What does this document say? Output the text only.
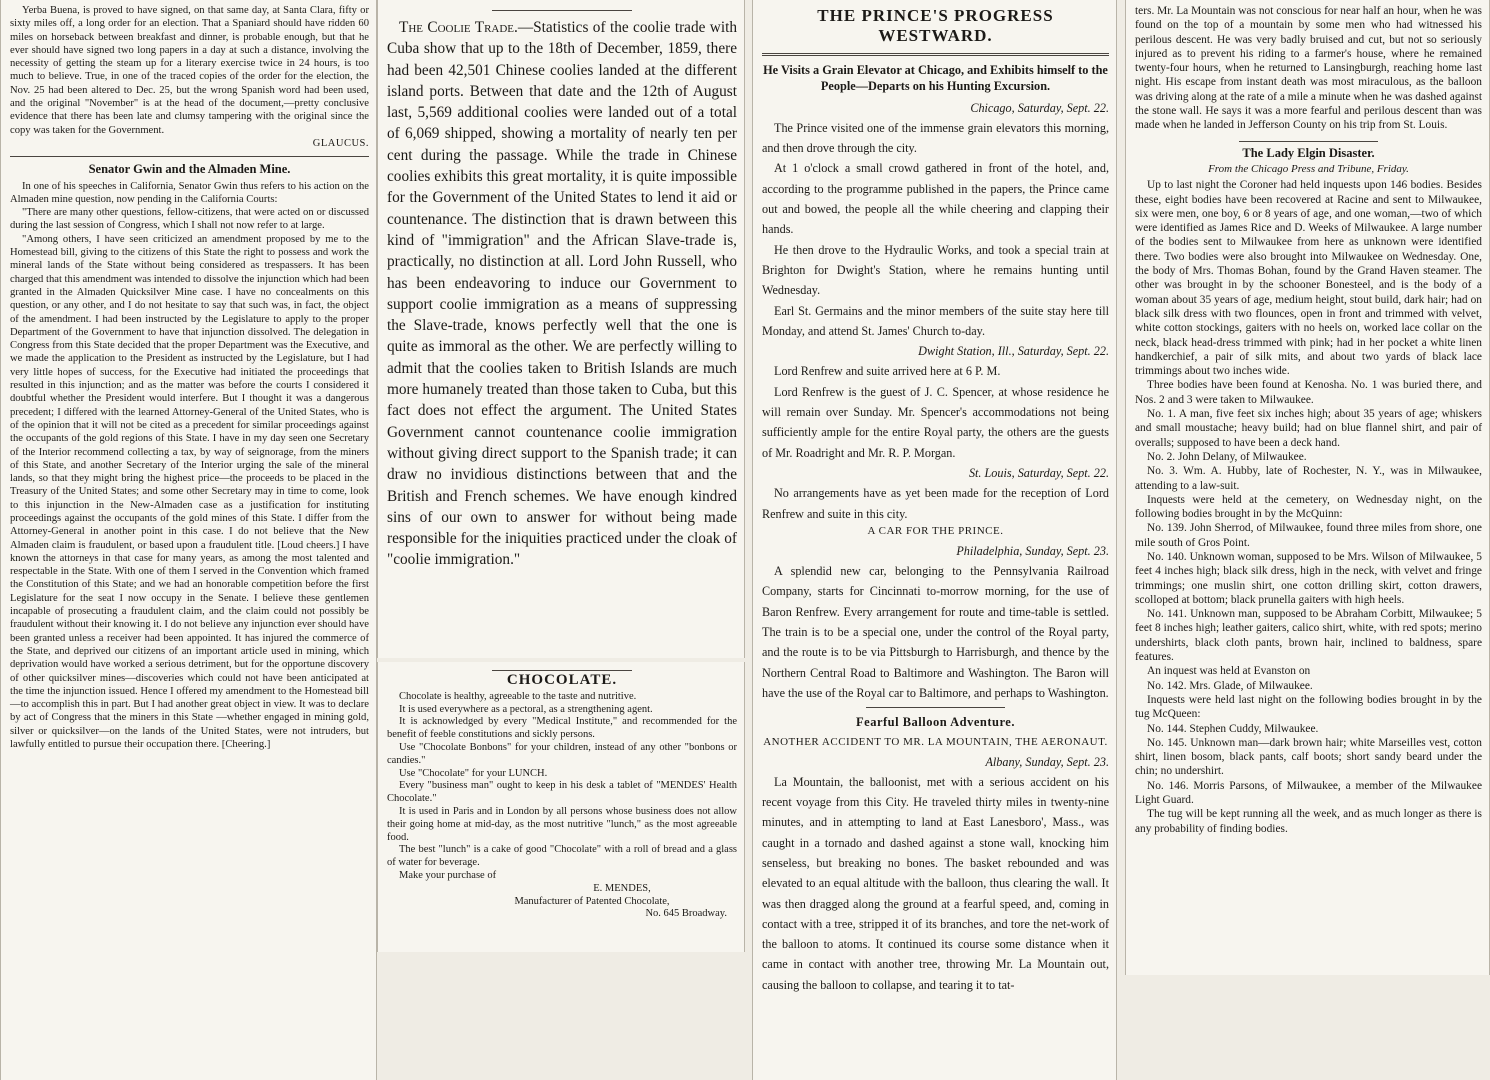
Yerba Buena, is proved to have signed, on that same day, at Santa Clara, fifty or sixty miles off, a long order for an election. That a Spaniard should have ridden 60 miles on horseback between breakfast and dinner, is probable enough, but that he ever should have signed two long papers in a day at such a distance, involving the necessity of getting the steam up for a literary exercise twice in 24 hours, is too much to believe. True, in one of the traced copies of the order for the election, the Nov. 25 had been altered to Dec. 25, but the wrong Spanish word had been used, and the original "November" is at the head of the document,—pretty conclusive evidence that there has been late and clumsy tampering with the original since the copy was taken for the Government.

GLAUCUS.

Senator Gwin and the Almaden Mine.

In one of his speeches in California, Senator Gwin thus refers to his action on the Almaden mine question, now pending in the California Courts:

"There are many other questions, fellow-citizens, that were acted on or discussed during the last session of Congress, which I shall not now refer to at large.

"Among others, I have seen criticized an amendment proposed by me to the Homestead bill, giving to the citizens of this State the right to possess and work the mineral lands of the State without being considered as trespassers. It has been charged that this amendment was intended to dissolve the injunction which had been granted in the Almaden Quicksilver Mine case. I have no concealments on this question, or any other, and I do not hesitate to say that such was, in fact, the object of the amendment. I had been instructed by the Legislature to apply to the proper Department of the Government to have that injunction dissolved. The delegation in Congress from this State decided that the proper Department was the Executive, and we made the application to the President as instructed by the Legislature, but I had very little hopes of success, for the Executive had initiated the proceedings that resulted in this injunction; and as the matter was before the courts I considered it doubtful whether the President would interfere. But I thought it was a dangerous precedent; I differed with the learned Attorney-General of the United States, who is of the opinion that it will not be cited as a precedent for similar proceedings against the occupants of the gold regions of this State. I have in my day seen one Secretary of the Interior recommend collecting a tax, by way of seignorage, from the miners of this State, and another Secretary of the Interior urging the sale of the mineral lands, so that they might bring the highest price—the proceeds to be placed in the Treasury of the United States; and some other Secretary may in time to come, look to this injunction in the New-Almaden case as a justification for instituting proceedings against the occupants of the gold mines of this State. I differ from the Attorney-General in another point in this case. I do not believe that the New Almaden claim is fraudulent, or based upon a fraudulent title. [Loud cheers.] I have known the attorneys in that case for many years, as among the most talented and respectable in the State. With one of them I served in the Convention which framed the Constitution of this State; and we had an honorable competition before the first Legislature for the seat I now occupy in the Senate. I believe these gentlemen incapable of prosecuting a fraudulent claim, and the claim could not possibly be fraudulent without their knowing it. I do not believe any injunction ever should have been granted unless a receiver had been appointed. It has injured the commerce of the State, and deprived our citizens of an important article used in mining, which deprivation would have worked a serious detriment, but for the opportune discovery of other quicksilver mines—discoveries which could not have been anticipated at the time the injunction issued. Hence I offered my amendment to the Homestead bill—to accomplish this in part. But I had another great object in view. It was to declare by act of Congress that the miners in this State —whether engaged in mining gold, silver or quicksilver—on the lands of the United States, were not intruders, but lawfully entitled to pursue their occupation there. [Cheering.]

The Coolie Trade.—Statistics of the coolie trade with Cuba show that up to the 18th of December, 1859, there had been 42,501 Chinese coolies landed at the different island ports. Between that date and the 12th of August last, 5,569 additional coolies were landed out of a total of 6,069 shipped, showing a mortality of nearly ten per cent during the passage. While the trade in Chinese coolies exhibits this great mortality, it is quite impossible for the Government of the United States to lend it aid or countenance. The distinction that is drawn between this kind of "immigration" and the African Slave-trade is, practically, no distinction at all. Lord John Russell, who has been endeavoring to induce our Government to support coolie immigration as a means of suppressing the Slave-trade, knows perfectly well that the one is quite as immoral as the other. We are perfectly willing to admit that the coolies taken to British Islands are much more humanely treated than those taken to Cuba, but this fact does not effect the argument. The United States Government cannot countenance coolie immigration without giving direct support to the Spanish trade; it can draw no invidious distinctions between that and the British and French schemes. We have enough kindred sins of our own to answer for without being made responsible for the iniquities practiced under the cloak of "coolie immigration."

CHOCOLATE.

Chocolate is healthy, agreeable to the taste and nutritive.

It is used everywhere as a pectoral, as a strengthening agent.

It is acknowledged by every "Medical Institute," and recommended for the benefit of feeble constitutions and sickly persons.

Use "Chocolate Bonbons" for your children, instead of any other "bonbons or candies."

Use "Chocolate" for your LUNCH.

Every "business man" ought to keep in his desk a tablet of "MENDES' Health Chocolate."

It is used in Paris and in London by all persons whose business does not allow their going home at mid-day, as the most nutritive "lunch," as the most agreeable food.

The best "lunch" is a cake of good "Chocolate" with a roll of bread and a glass of water for beverage.

Make your purchase of

E. MENDES,

Manufacturer of Patented Chocolate,

No. 645 Broadway.

THE PRINCE'S PROGRESS WESTWARD.
He Visits a Grain Elevator at Chicago, and Exhibits himself to the People—Departs on his Hunting Excursion.

Chicago, Saturday, Sept. 22.

The Prince visited one of the immense grain elevators this morning, and then drove through the city.

At 1 o'clock a small crowd gathered in front of the hotel, and, according to the programme published in the papers, the Prince came out and bowed, the people all the while cheering and clapping their hands.

He then drove to the Hydraulic Works, and took a special train at Brighton for Dwight's Station, where he remains hunting until Wednesday.

Earl St. Germains and the minor members of the suite stay here till Monday, and attend St. James' Church to-day.

Dwight Station, Ill., Saturday, Sept. 22.

Lord Renfrew and suite arrived here at 6 P. M.

Lord Renfrew is the guest of J. C. Spencer, at whose residence he will remain over Sunday. Mr. Spencer's accommodations not being sufficiently ample for the entire Royal party, the others are the guests of Mr. Roadright and Mr. R. P. Morgan.

St. Louis, Saturday, Sept. 22.

No arrangements have as yet been made for the reception of Lord Renfrew and suite in this city.

A CAR FOR THE PRINCE.

Philadelphia, Sunday, Sept. 23.

A splendid new car, belonging to the Pennsylvania Railroad Company, starts for Cincinnati to-morrow morning, for the use of Baron Renfrew. Every arrangement for route and time-table is settled. The train is to be a special one, under the control of the Royal party, and the route is to be via Pittsburgh to Harrisburgh, and thence by the Northern Central Road to Baltimore and Washington. The Baron will have the use of the Royal car to Baltimore, and perhaps to Washington.

Fearful Balloon Adventure.
ANOTHER ACCIDENT TO MR. LA MOUNTAIN, THE AERONAUT.

Albany, Sunday, Sept. 23.

La Mountain, the balloonist, met with a serious accident on his recent voyage from this City. He traveled thirty miles in twenty-nine minutes, and in attempting to land at East Lanesboro', Mass., was caught in a tornado and dashed against a stone wall, knocking him senseless, but breaking no bones. The basket rebounded and was elevated to an equal altitude with the balloon, thus clearing the wall. It was then dragged along the ground at a fearful speed, and, coming in contact with a tree, stripped it of its branches, and tore the net-work of the balloon to atoms. It continued its course some distance when it came in contact with another tree, throwing Mr. La Mountain out, causing the balloon to collapse, and tearing it to tat-

ters. Mr. La Mountain was not conscious for near half an hour, when he was found on the top of a mountain by some men who had witnessed his perilous descent. He was very badly bruised and cut, but not so seriously injured as to prevent his riding to a farmer's house, where he remained twenty-four hours, when he returned to Lansingburgh, reaching home last night. His escape from instant death was most miraculous, as the balloon was driving along at the rate of a mile a minute when he was dashed against the stone wall. He says it was a more fearful and perilous descent than was made when he landed in Jefferson County on his trip from St. Louis.

The Lady Elgin Disaster.

From the Chicago Press and Tribune, Friday.

Up to last night the Coroner had held inquests upon 146 bodies. Besides these, eight bodies have been recovered at Racine and sent to Milwaukee, six were men, one boy, 6 or 8 years of age, and one woman,—two of which were identified as James Rice and D. Weeks of Milwaukee. A large number of the bodies sent to Milwaukee from here as unknown were identified there. Two bodies were also brought into Milwaukee on Wednesday. One, the body of Mrs. Thomas Bohan, found by the Grand Haven steamer. The other was brought in by the schooner Bonesteel, and is the body of a woman about 35 years of age, medium height, stout build, dark hair; had on black silk dress with two flounces, open in front and trimmed with velvet, white cotton stockings, gaiters with no heels on, worked lace collar on the neck, black head-dress trimmed with pink; had in her pocket a white linen handkerchief, a pair of silk mits, and about two yards of black lace trimmings about two inches wide.

Three bodies have been found at Kenosha. No. 1 was buried there, and Nos. 2 and 3 were taken to Milwaukee.

No. 1. A man, five feet six inches high; about 35 years of age; whiskers and small moustache; heavy build; had on blue flannel shirt, and pair of overalls; supposed to have been a deck hand.

No. 2. John Delany, of Milwaukee.

No. 3. Wm. A. Hubby, late of Rochester, N. Y., was in Milwaukee, attending to a law-suit.

Inquests were held at the cemetery, on Wednesday night, on the following bodies brought in by the McQuinn:

No. 139. John Sherrod, of Milwaukee, found three miles from shore, one mile south of Gros Point.

No. 140. Unknown woman, supposed to be Mrs. Wilson of Milwaukee, 5 feet 4 inches high; black silk dress, high in the neck, with velvet and fringe trimmings; one muslin shirt, one cotton drilling skirt, cotton drawers, scolloped at bottom; black prunella gaiters with high heels.

No. 141. Unknown man, supposed to be Abraham Corbitt, Milwaukee; 5 feet 8 inches high; leather gaiters, calico shirt, white, with red spots; merino undershirts, black cloth pants, brown hair, inclined to baldness, spare features.

An inquest was held at Evanston on

No. 142. Mrs. Glade, of Milwaukee.

Inquests were held last night on the following bodies brought in by the tug McQueen:

No. 144. Stephen Cuddy, Milwaukee.

No. 145. Unknown man—dark brown hair; white Marseilles vest, cotton shirt, linen bosom, black pants, calf boots; short sandy beard under the chin; no undershirt.

No. 146. Morris Parsons, of Milwaukee, a member of the Milwaukee Light Guard.

The tug will be kept running all the week, and as much longer as there is any probability of finding bodies.
